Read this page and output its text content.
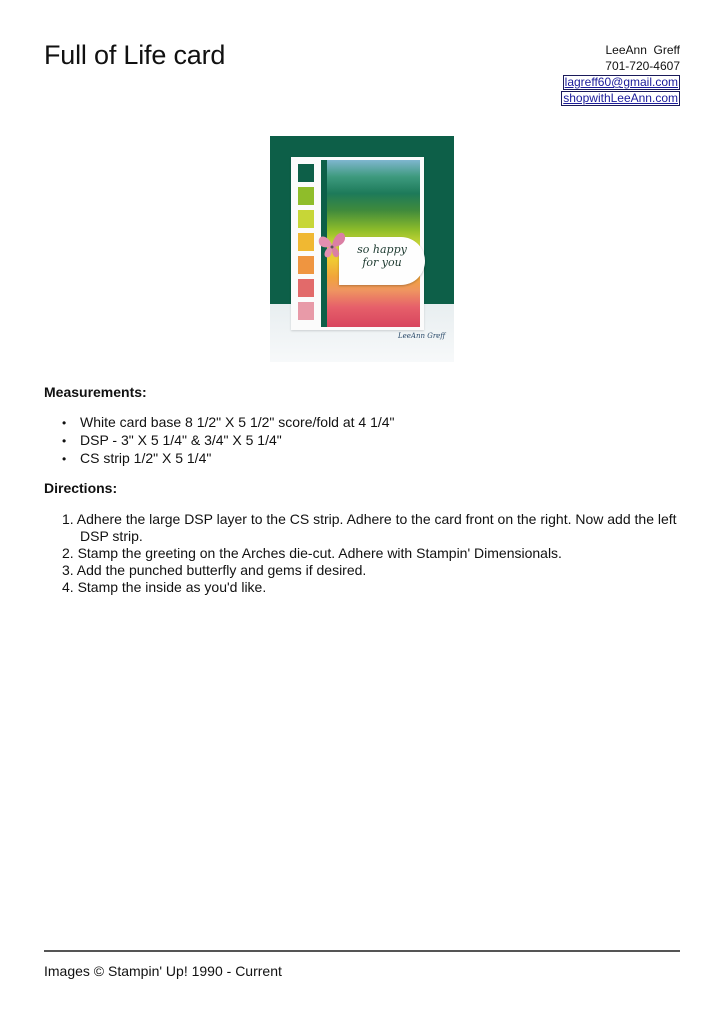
Full of Life card	LeeAnn  Greff
701-720-4607
lagreff60@gmail.com
shopwithLeeAnn.com
so happy for you
LeeAnn Greff
Measurements:
• White card base 8 1/2" X 5 1/2" score/fold at 4 1/4"
• DSP - 3" X 5 1/4" & 3/4" X 5 1/4"
• CS strip 1/2" X 5 1/4"
Directions:
1. Adhere the large DSP layer to the CS strip. Adhere to the card front on the right. Now add the left DSP strip.
2. Stamp the greeting on the Arches die-cut. Adhere with Stampin' Dimensionals.
3. Add the punched butterfly and gems if desired.
4. Stamp the inside as you'd like.
Images © Stampin' Up! 1990 - Current
